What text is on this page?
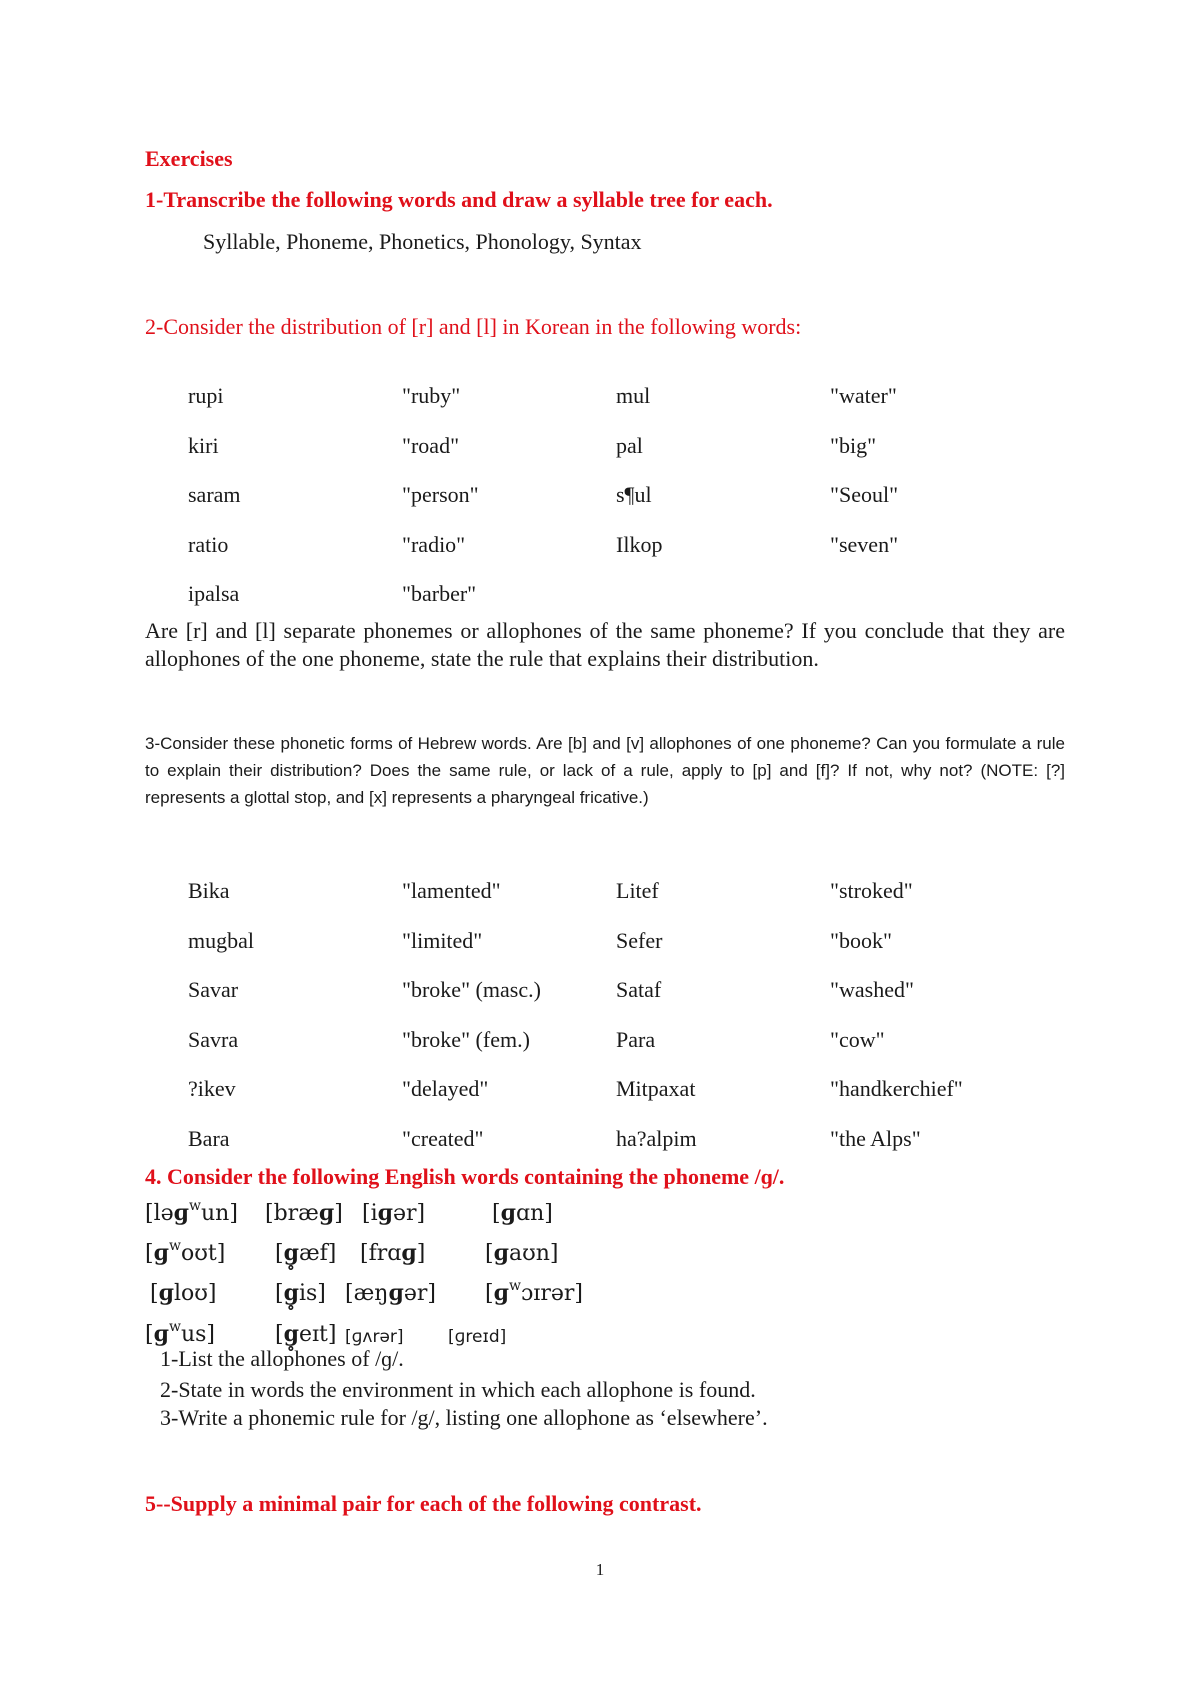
Exercises
1-Transcribe the following words and draw a syllable tree for each.
Syllable, Phoneme, Phonetics, Phonology, Syntax
2-Consider the distribution of [r] and [l] in Korean in the following words:
rupi	"ruby"	mul	"water"
kiri	"road"	pal	"big"
saram	"person"	s¶ul	"Seoul"
ratio	"radio"	Ilkop	"seven"
ipalsa	"barber"
Are [r] and [l] separate phonemes or allophones of the same phoneme? If you conclude that they are allophones of the one phoneme, state the rule that explains their distribution.
3-Consider these phonetic forms of Hebrew words. Are [b] and [v] allophones of one phoneme? Can you formulate a rule to explain their distribution? Does the same rule, or lack of a rule, apply to [p] and [f]? If not, why not? (NOTE: [?] represents a glottal stop, and [x] represents a pharyngeal fricative.)
Bika	"lamented"	Litef	"stroked"
mugbal	"limited"	Sefer	"book"
Savar	"broke" (masc.)	Sataf	"washed"
Savra	"broke" (fem.)	Para	"cow"
?ikev	"delayed"	Mitpaxat	"handkerchief"
Bara	"created"	ha?alpim	"the Alps"
4. Consider the following English words containing the phoneme /ɡ/.
[ləɡ$^w$un] [bræɡ] [iɡər]	[ɡɑn]
[ɡ$^w$oʊt] [g̥æf] [frɑɡ]	[ɡaʊn]
[ɡloʊ]	[g̥is] [æŋɡər] [ɡ$^w$ɔɪrər]
[ɡ$^w$us]	[g̥eɪt] [ɡʌrər]	[ɡreɪd]
1-List the allophones of /ɡ/.
2-State in words the environment in which each allophone is found.
3-Write a phonemic rule for /g/, listing one allophone as ‘elsewhere’.
5--Supply a minimal pair for each of the following contrast.
1
